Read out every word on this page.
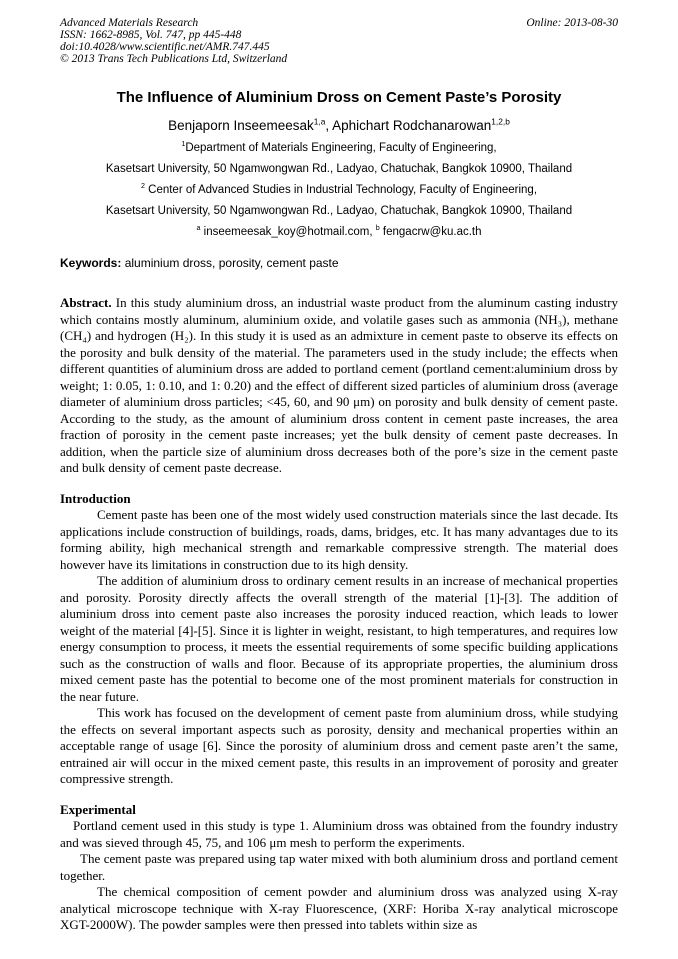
Advanced Materials Research
ISSN: 1662-8985, Vol. 747, pp 445-448
doi:10.4028/www.scientific.net/AMR.747.445
© 2013 Trans Tech Publications Ltd, Switzerland
Online: 2013-08-30
The Influence of Aluminium Dross on Cement Paste’s Porosity
Benjaporn Inseemeesak$^{1,a}$, Aphichart Rodchanarowan$^{1,2,b}$
$^1$Department of Materials Engineering, Faculty of Engineering,
Kasetsart University, 50 Ngamwongwan Rd., Ladyao, Chatuchak, Bangkok 10900, Thailand
$^2$ Center of Advanced Studies in Industrial Technology, Faculty of Engineering,
Kasetsart University, 50 Ngamwongwan Rd., Ladyao, Chatuchak, Bangkok 10900, Thailand
$^a$ inseemeesak_koy@hotmail.com, $^b$ fengacrw@ku.ac.th

Keywords: aluminium dross, porosity, cement paste

Abstract. In this study aluminium dross, an industrial waste product from the aluminum casting industry which contains mostly aluminum, aluminium oxide, and volatile gases such as ammonia (NH₃), methane (CH₄) and hydrogen (H₂). In this study it is used as an admixture in cement paste to observe its effects on the porosity and bulk density of the material. The parameters used in the study include; the effects when different quantities of aluminium dross are added to portland cement (portland cement:aluminium dross by weight; 1: 0.05, 1: 0.10, and 1: 0.20) and the effect of different sized particles of aluminium dross (average diameter of aluminium dross particles; <45, 60, and 90 μm) on porosity and bulk density of cement paste. According to the study, as the amount of aluminium dross content in cement paste increases, the area fraction of porosity in the cement paste increases; yet the bulk density of cement paste decreases. In addition, when the particle size of aluminium dross decreases both of the pore’s size in the cement paste and bulk density of cement paste decrease.

Introduction

Cement paste has been one of the most widely used construction materials since the last decade. Its applications include construction of buildings, roads, dams, bridges, etc. It has many advantages due to its forming ability, high mechanical strength and remarkable compressive strength. The material does however have its limitations in construction due to its high density.

The addition of aluminium dross to ordinary cement results in an increase of mechanical properties and porosity. Porosity directly affects the overall strength of the material [1]-[3]. The addition of aluminium dross into cement paste also increases the porosity induced reaction, which leads to lower weight of the material [4]-[5]. Since it is lighter in weight, resistant, to high temperatures, and requires low energy consumption to process, it meets the essential requirements of some specific building applications such as the construction of walls and floor. Because of its appropriate properties, the aluminium dross mixed cement paste has the potential to become one of the most prominent materials for construction in the near future.

This work has focused on the development of cement paste from aluminium dross, while studying the effects on several important aspects such as porosity, density and mechanical properties within an acceptable range of usage [6]. Since the porosity of aluminium dross and cement paste aren’t the same, entrained air will occur in the mixed cement paste, this results in an improvement of porosity and greater compressive strength.

Experimental

Portland cement used in this study is type 1. Aluminium dross was obtained from the foundry industry and was sieved through 45, 75, and 106 μm mesh to perform the experiments.

The cement paste was prepared using tap water mixed with both aluminium dross and portland cement together.

The chemical composition of cement powder and aluminium dross was analyzed using X-ray analytical microscope technique with X-ray Fluorescence, (XRF: Horiba X-ray analytical microscope XGT-2000W). The powder samples were then pressed into tablets within size as
